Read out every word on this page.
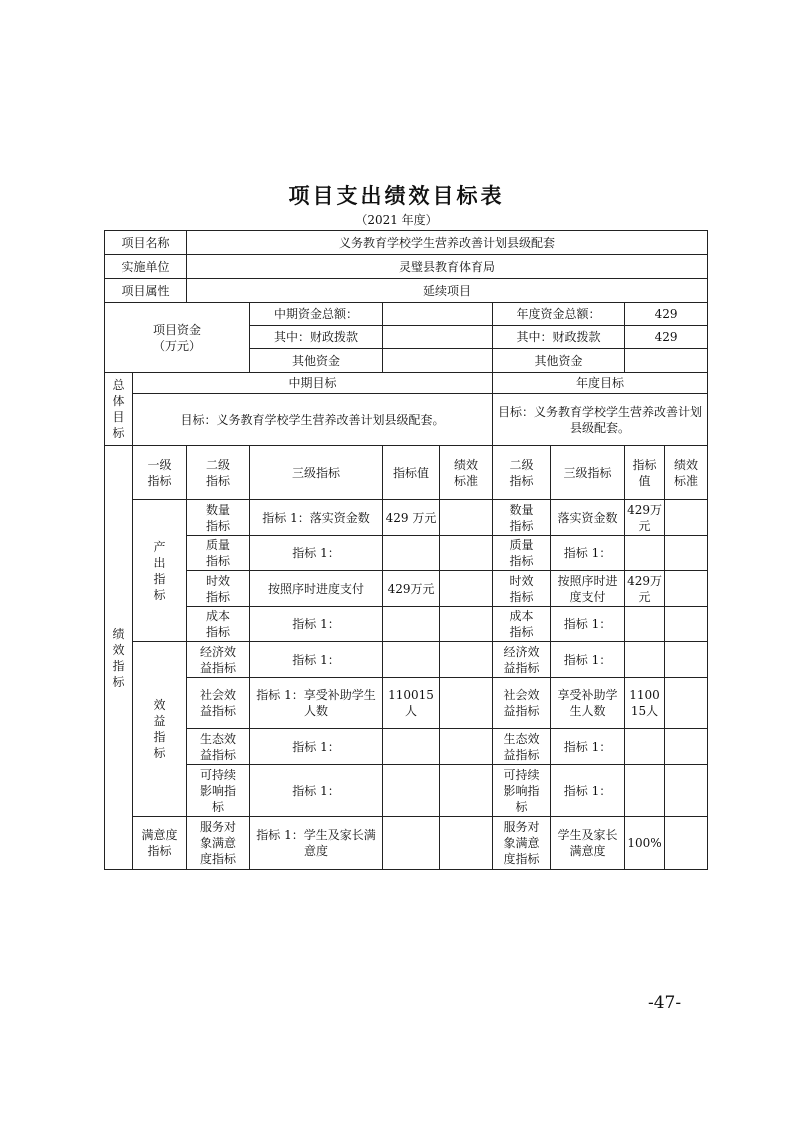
项目支出绩效目标表
（2021 年度）
项目名称		义务教育学校学生营养改善计划县级配套							
实施单位		灵璧县教育体育局							
项目属性		延续项目							
项目资金
（万元）			中期资金总额：			年度资金总额：		429	
			其中：财政拨款			其中：财政拨款		429	
			其他资金			其他资金			

总体目标	中期目标					年度目标			
	目标：义务教育学校学生营养改善计划县级配套。					目标：义务教育学校学生营养改善计划县级配套。			

绩效指标	一级指标	二级指标	三级指标	指标值	绩效标准	二级指标	三级指标	指标值	绩效标准

	产出指标	数量指标	指标 1：落实资金数	429 万元		数量指标	落实资金数	429万元	

		质量指标	指标 1：			质量指标	指标 1：		

		时效指标	按照序时进度支付	429万元		时效指标	按照序时进度支付	429万元	

		成本指标	指标 1：			成本指标	指标 1：		

	效益指标	经济效益指标	指标 1：			经济效益指标	指标 1：		

		社会效益指标	指标 1：享受补助学生人数	110015人		社会效益指标	享受补助学生人数	110015人	

		生态效益指标	指标 1：			生态效益指标	指标 1：		

		可持续影响指标	指标 1：			可持续影响指标	指标 1：		

	满意度指标	服务对象满意度指标	指标 1：学生及家长满意度			服务对象满意度指标	学生及家长满意度	100%	
-47-
